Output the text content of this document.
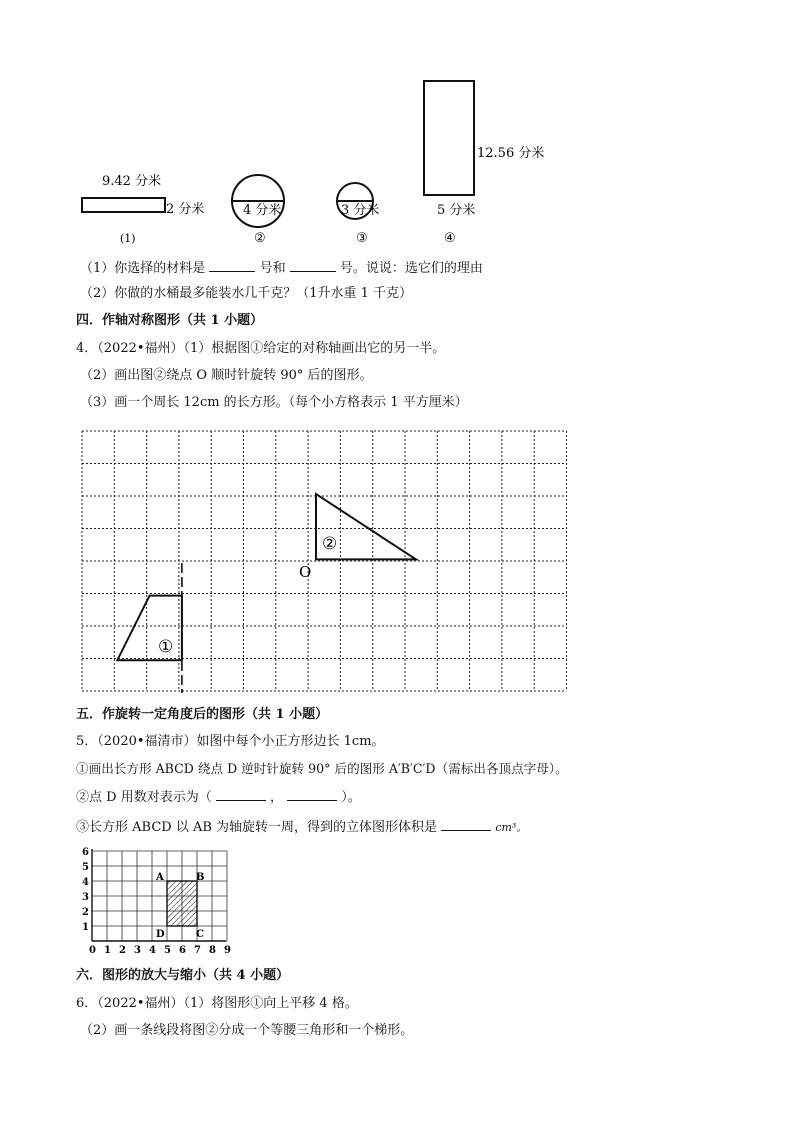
9.42 分米
2 分米
(1)
4 分米
②
3 分米
③
12.56 分米
5 分米
④
（1）你选择的材料是	号和	号。说说：选它们的理由
（2）你做的水桶最多能装水几千克？（1升水重 1 千克）
四．作轴对称图形（共 1 小题）
4．（2022•福州）（1）根据图①给定的对称轴画出它的另一半。
（2）画出图②绕点 O 顺时针旋转 90° 后的图形。
（3）画一个周长 12cm 的长方形。（每个小方格表示 1 平方厘米）
①
②
O
五．作旋转一定角度后的图形（共 1 小题）
5．（2020•福清市）如图中每个小正方形边长 1cm。
①画出长方形 ABCD 绕点 D 逆时针旋转 90° 后的图形 A′B′C′D（需标出各顶点字母）。
②点 D 用数对表示为（	，	）。
③长方形 ABCD 以 AB 为轴旋转一周，得到的立体图形体积是	cm³。
0 1 2 3 4 5 6 7 8 9
1
2
3
4
5
6
A	B
C
D
六．图形的放大与缩小（共 4 小题）
6．（2022•福州）（1）将图形①向上平移 4 格。
（2）画一条线段将图②分成一个等腰三角形和一个梯形。
